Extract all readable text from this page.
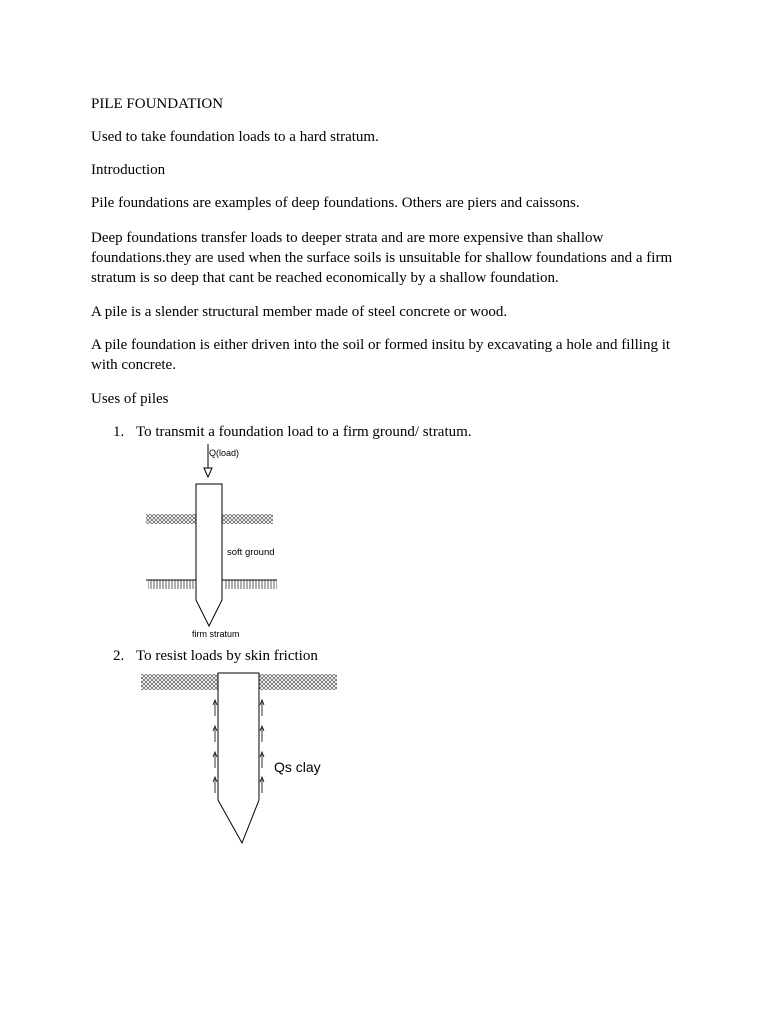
PILE FOUNDATION
Used to take foundation loads to a hard stratum.
Introduction
Pile foundations are examples of deep foundations. Others are piers and caissons.
Deep foundations transfer loads to deeper strata and are more expensive than shallow
foundations.they are used when the surface soils is unsuitable for shallow foundations and a firm
stratum is so deep that cant be reached economically by a shallow foundation.
A pile is a slender structural member made of steel concrete or wood.
A pile foundation is either driven into the soil or formed insitu by excavating a hole and filling it
with concrete.
Uses of piles
1. To transmit a foundation load to a firm ground/ stratum.
2. To resist loads by skin friction
Q(load)
soft ground
firm stratum
Qs clay
